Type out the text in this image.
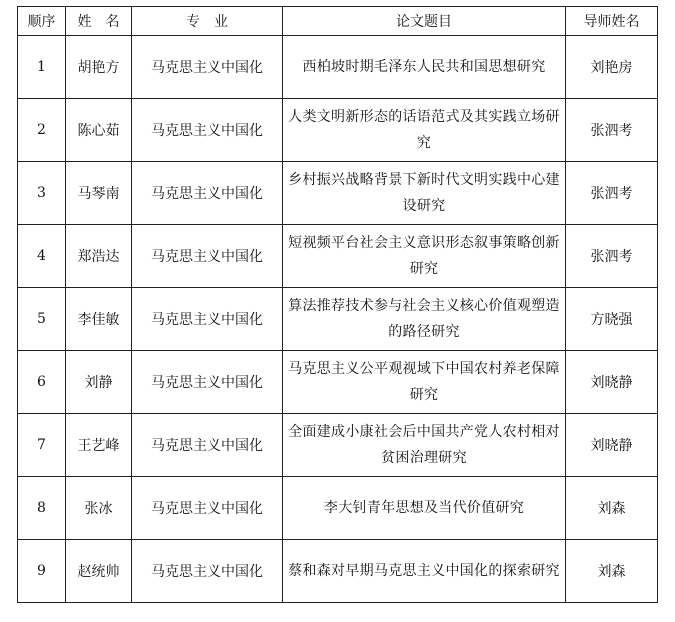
顺序	姓　名	专　业	论文题目	导师姓名
1	胡艳方	马克思主义中国化	西柏坡时期毛泽东人民共和国思想研究	刘艳房
2	陈心茹	马克思主义中国化	人类文明新形态的话语范式及其实践立场研究	张泗考
3	马琴南	马克思主义中国化	乡村振兴战略背景下新时代文明实践中心建设研究	张泗考
4	郑浩达	马克思主义中国化	短视频平台社会主义意识形态叙事策略创新研究	张泗考
5	李佳敏	马克思主义中国化	算法推荐技术参与社会主义核心价值观塑造的路径研究	方晓强
6	刘静	马克思主义中国化	马克思主义公平观视域下中国农村养老保障研究	刘晓静
7	王艺峰	马克思主义中国化	全面建成小康社会后中国共产党人农村相对贫困治理研究	刘晓静
8	张冰	马克思主义中国化	李大钊青年思想及当代价值研究	刘森
9	赵统帅	马克思主义中国化	蔡和森对早期马克思主义中国化的探索研究	刘森
